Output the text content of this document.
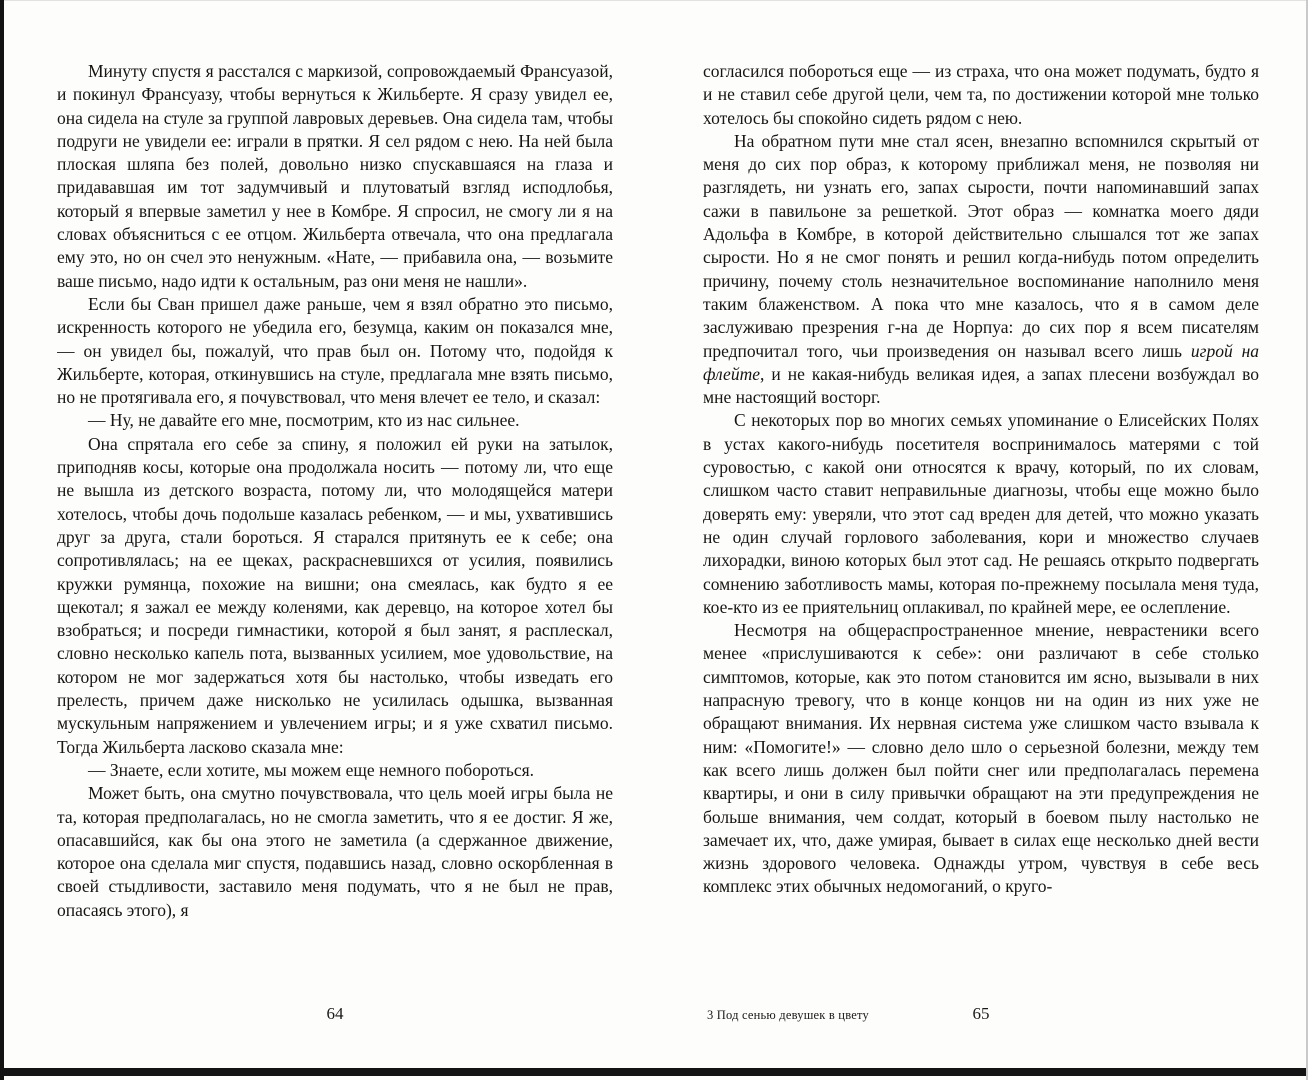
Минуту спустя я расстался с маркизой, сопровождаемый Франсуазой, и покинул Франсуазу, чтобы вернуться к Жильберте. Я сразу увидел ее, она сидела на стуле за группой лавровых деревьев. Она сидела там, чтобы подруги не увидели ее: играли в прятки. Я сел рядом с нею. На ней была плоская шляпа без полей, довольно низко спускавшаяся на глаза и придававшая им тот задумчивый и плутоватый взгляд исподлобья, который я впервые заметил у нее в Комбре. Я спросил, не смогу ли я на словах объясниться с ее отцом. Жильберта отвечала, что она предлагала ему это, но он счел это ненужным. «Нате, — прибавила она, — возьмите ваше письмо, надо идти к остальным, раз они меня не нашли».

Если бы Сван пришел даже раньше, чем я взял обратно это письмо, искренность которого не убедила его, безумца, каким он показался мне, — он увидел бы, пожалуй, что прав был он. Потому что, подойдя к Жильберте, которая, откинувшись на стуле, предлагала мне взять письмо, но не протягивала его, я почувствовал, что меня влечет ее тело, и сказал:

— Ну, не давайте его мне, посмотрим, кто из нас сильнее.

Она спрятала его себе за спину, я положил ей руки на затылок, приподняв косы, которые она продолжала носить — потому ли, что еще не вышла из детского возраста, потому ли, что молодящейся матери хотелось, чтобы дочь подольше казалась ребенком, — и мы, ухватившись друг за друга, стали бороться. Я старался притянуть ее к себе; она сопротивлялась; на ее щеках, раскрасневшихся от усилия, появились кружки румянца, похожие на вишни; она смеялась, как будто я ее щекотал; я зажал ее между коленями, как деревцо, на которое хотел бы взобраться; и посреди гимнастики, которой я был занят, я расплескал, словно несколько капель пота, вызванных усилием, мое удовольствие, на котором не мог задержаться хотя бы настолько, чтобы изведать его прелесть, причем даже нисколько не усилилась одышка, вызванная мускульным напряжением и увлечением игры; и я уже схватил письмо. Тогда Жильберта ласково сказала мне:

— Знаете, если хотите, мы можем еще немного побороться.

Может быть, она смутно почувствовала, что цель моей игры была не та, которая предполагалась, но не смогла заметить, что я ее достиг. Я же, опасавшийся, как бы она этого не заметила (а сдержанное движение, которое она сделала миг спустя, подавшись назад, словно оскорбленная в своей стыдливости, заставило меня подумать, что я не был не прав, опасаясь этого), я

64

согласился побороться еще — из страха, что она может подумать, будто я и не ставил себе другой цели, чем та, по достижении которой мне только хотелось бы спокойно сидеть рядом с нею.

На обратном пути мне стал ясен, внезапно вспомнился скрытый от меня до сих пор образ, к которому приближал меня, не позволяя ни разглядеть, ни узнать его, запах сырости, почти напоминавший запах сажи в павильоне за решеткой. Этот образ — комнатка моего дяди Адольфа в Комбре, в которой действительно слышался тот же запах сырости. Но я не смог понять и решил когда-нибудь потом определить причину, почему столь незначительное воспоминание наполнило меня таким блаженством. А пока что мне казалось, что я в самом деле заслуживаю презрения г-на де Норпуа: до сих пор я всем писателям предпочитал того, чьи произведения он называл всего лишь игрой на флейте, и не какая-нибудь великая идея, а запах плесени возбуждал во мне настоящий восторг.

С некоторых пор во многих семьях упоминание о Елисейских Полях в устах какого-нибудь посетителя воспринималось матерями с той суровостью, с какой они относятся к врачу, который, по их словам, слишком часто ставит неправильные диагнозы, чтобы еще можно было доверять ему: уверяли, что этот сад вреден для детей, что можно указать не один случай горлового заболевания, кори и множество случаев лихорадки, виною которых был этот сад. Не решаясь открыто подвергать сомнению заботливость мамы, которая по-прежнему посылала меня туда, кое-кто из ее приятельниц оплакивал, по крайней мере, ее ослепление.

Несмотря на общераспространенное мнение, неврастеники всего менее «прислушиваются к себе»: они различают в себе столько симптомов, которые, как это потом становится им ясно, вызывали в них напрасную тревогу, что в конце концов ни на один из них уже не обращают внимания. Их нервная система уже слишком часто взывала к ним: «Помогите!» — словно дело шло о серьезной болезни, между тем как всего лишь должен был пойти снег или предполагалась перемена квартиры, и они в силу привычки обращают на эти предупреждения не больше внимания, чем солдат, который в боевом пылу настолько не замечает их, что, даже умирая, бывает в силах еще несколько дней вести жизнь здорового человека. Однажды утром, чувствуя в себе весь комплекс этих обычных недомоганий, о круго-

3 Под сенью девушек в цвету	65
